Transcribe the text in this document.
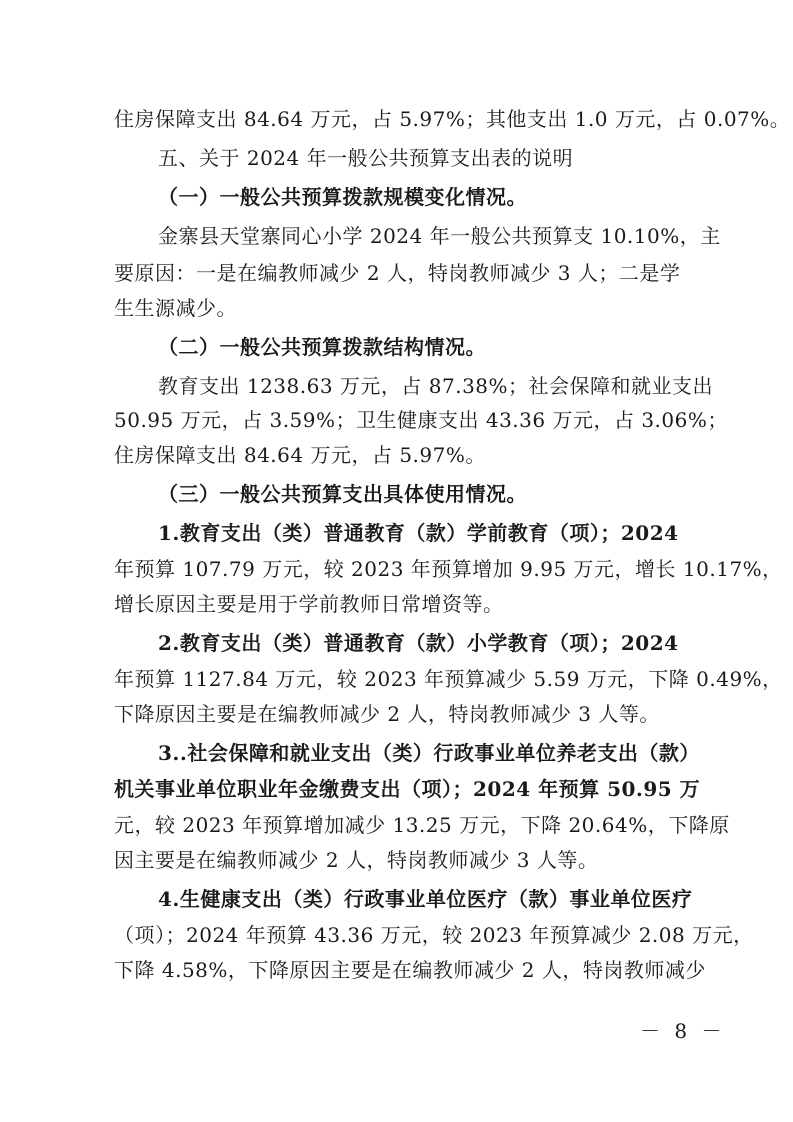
住房保障支出 84.64 万元，占 5.97%；其他支出 1.0 万元，占 0.07%。
五、关于 2024 年一般公共预算支出表的说明
（一）一般公共预算拨款规模变化情况。
金寨县天堂寨同心小学 2024 年一般公共预算支 10.10%，主
要原因：一是在编教师减少 2 人，特岗教师减少 3 人；二是学
生生源减少。
（二）一般公共预算拨款结构情况。
教育支出 1238.63 万元，占 87.38%；社会保障和就业支出
50.95 万元，占 3.59%；卫生健康支出 43.36 万元，占 3.06%；
住房保障支出 84.64 万元，占 5.97%。
（三）一般公共预算支出具体使用情况。
1.教育支出（类）普通教育（款）学前教育（项）；2024
年预算 107.79 万元，较 2023 年预算增加 9.95 万元，增长 10.17%，
增长原因主要是用于学前教师日常增资等。
2.教育支出（类）普通教育（款）小学教育（项）；2024
年预算 1127.84 万元，较 2023 年预算减少 5.59 万元，下降 0.49%，
下降原因主要是在编教师减少 2 人，特岗教师减少 3 人等。
3..社会保障和就业支出（类）行政事业单位养老支出（款）
机关事业单位职业年金缴费支出（项）；2024 年预算 50.95 万
元，较 2023 年预算增加减少 13.25 万元，下降 20.64%，下降原
因主要是在编教师减少 2 人，特岗教师减少 3 人等。
4.生健康支出（类）行政事业单位医疗（款）事业单位医疗
（项）；2024 年预算 43.36 万元，较 2023 年预算减少 2.08 万元，
下降 4.58%，下降原因主要是在编教师减少 2 人，特岗教师减少
－ 8 －
